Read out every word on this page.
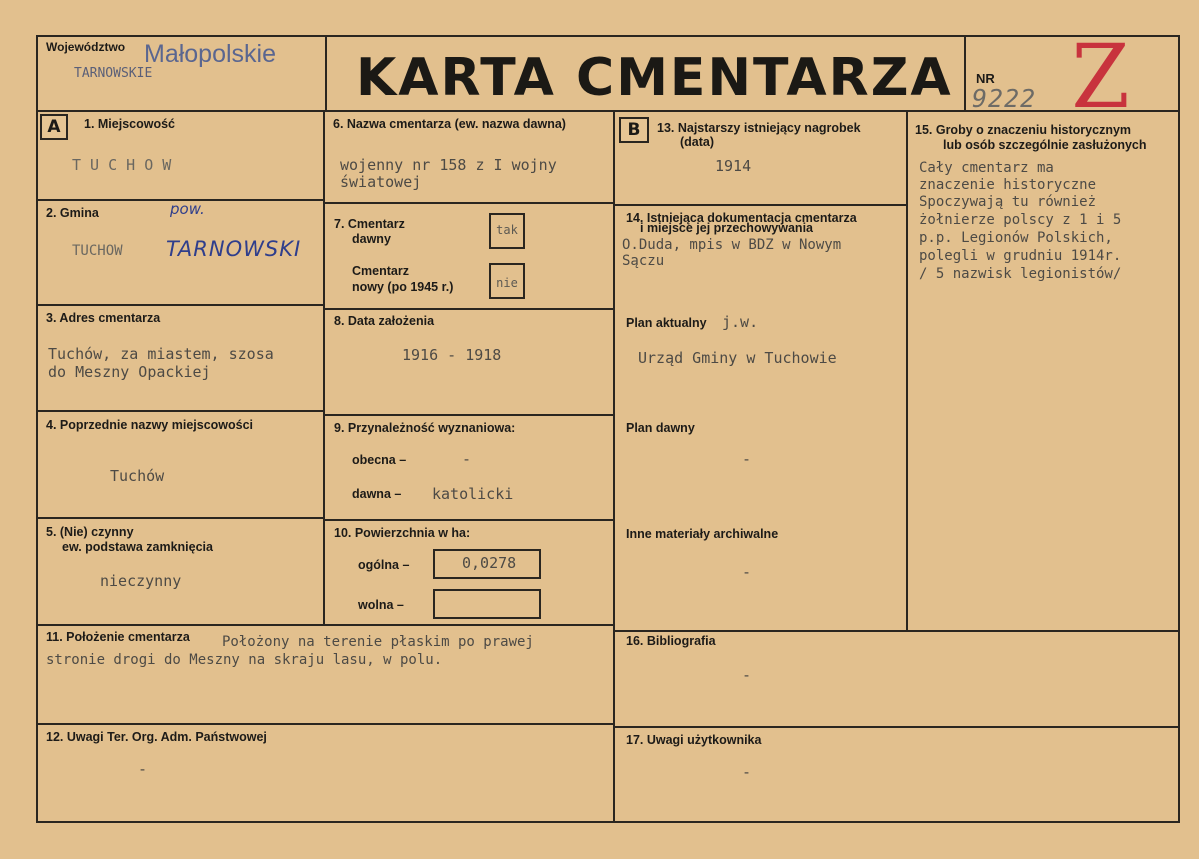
Województwo Małopolskie
TARNOWSKIE	KARTA CMENTARZA NR
9222 Z
A	B
1. Miejscowość
T U C H O W
2. Gmina	pow.
TUCHOW TARNOWSKI
3. Adres cmentarza
Tuchów, za miastem, szosa
do Meszny Opackiej
4. Poprzednie nazwy miejscowości
Tuchów
5. (Nie) czynny
ew. podstawa zamknięcia
nieczynny
6. Nazwa cmentarza (ew. nazwa dawna)
wojenny nr 158 z I wojny
światowej
7. Cmentarz
dawny
tak
Cmentarz
nowy (po 1945 r.)	nie
8. Data założenia
1916 - 1918
9. Przynależność wyznaniowa:
obecna –	-
dawna – katolicki
10. Powierzchnia w ha:
ogólna –	0,0278
wolna –
11. Położenie cmentarza Położony na terenie płaskim po prawej
stronie drogi do Meszny na skraju lasu, w polu.
12. Uwagi Ter. Org. Adm. Państwowej
-
13. Najstarszy istniejący nagrobek
(data)
1914
14. Istniejąca dokumentacja cmentarza
i miejsce jej przechowywania
O.Duda, mpis w BDZ w Nowym
Sączu
Plan aktualny j.w.
Urząd Gminy w Tuchowie
Plan dawny
-
Inne materiały archiwalne
-
15. Groby o znaczeniu historycznym
lub osób szczególnie zasłużonych
Cały cmentarz ma
znaczenie historyczne
Spoczywają tu również
żołnierze polscy z 1 i 5
p.p. Legionów Polskich,
polegli w grudniu 1914r.
/ 5 nazwisk legionistów/
16. Bibliografia
-
17. Uwagi użytkownika
-
